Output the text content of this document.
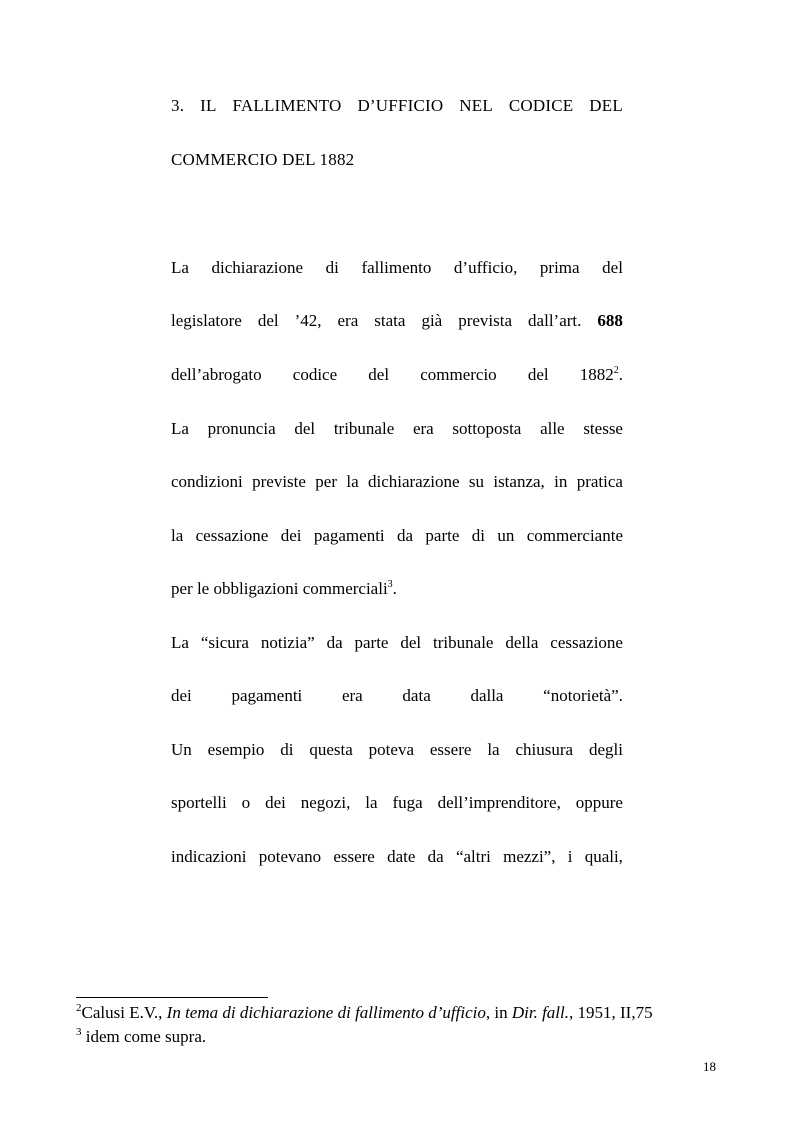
3. IL FALLIMENTO D’UFFICIO NEL CODICE DEL
COMMERCIO DEL 1882
La dichiarazione di fallimento d’ufficio, prima del
legislatore del ’42, era stata già prevista dall’art. 688
dell’abrogato codice del commercio del 1882$^2$.
La pronuncia del tribunale era sottoposta alle stesse
condizioni previste per la dichiarazione su istanza, in pratica
la cessazione dei pagamenti da parte di un commerciante
per le obbligazioni commerciali$^3$.
La “sicura notizia” da parte del tribunale della cessazione
dei pagamenti era data dalla “notorietà”.
Un esempio di questa poteva essere la chiusura degli
sportelli o dei negozi, la fuga dell’imprenditore, oppure
indicazioni potevano essere date da “altri mezzi”, i quali,
$^2$Calusi E.V., In tema di dichiarazione di fallimento d’ufficio, in Dir. fall., 1951, II,75
$^3$ idem come supra.
18
